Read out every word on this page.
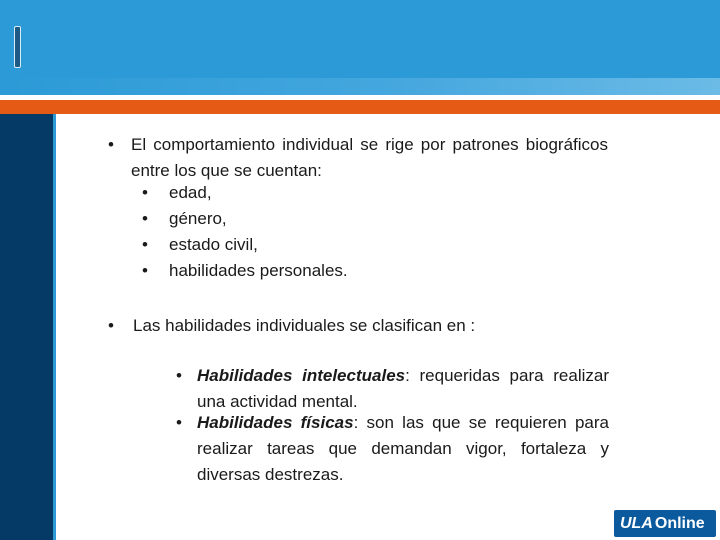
• El comportamiento individual se rige por patrones biográficos entre los que se cuentan:
• edad,
• género,
• estado civil,
• habilidades personales.
• Las habilidades individuales se clasifican en :
• Habilidades intelectuales: requeridas para realizar una actividad mental.
• Habilidades físicas: son las que se requieren para realizar tareas que demandan vigor, fortaleza y diversas destrezas.
ULA Online
